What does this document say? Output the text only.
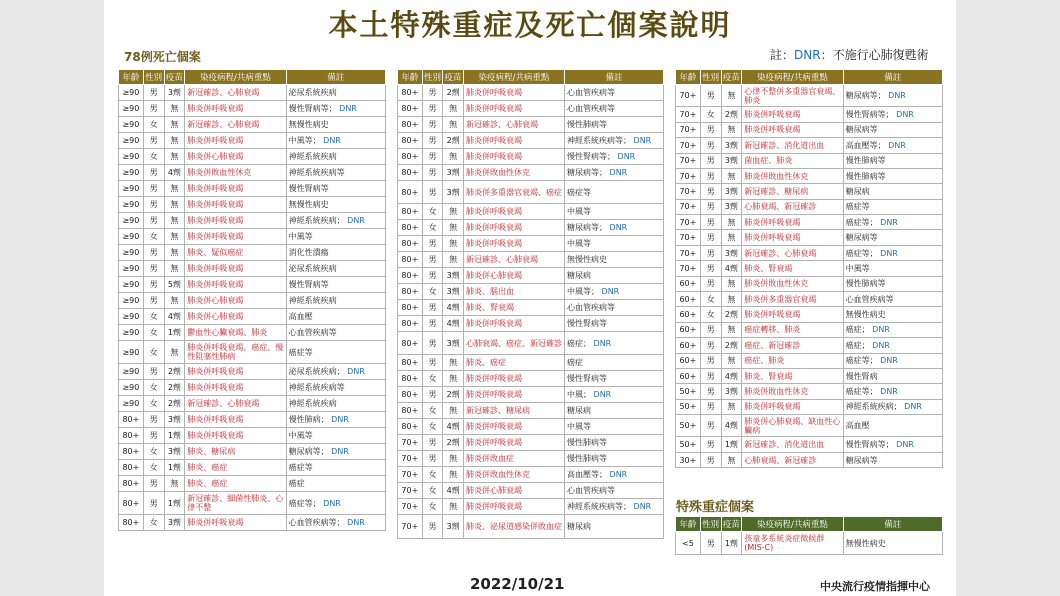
本土特殊重症及死亡個案說明
78例死亡個案	註：DNR：不施行心肺復甦術
年齡	性別	疫苗	染疫病程/共病重點	備註
≥90	男	3劑	新冠確診、心肺衰竭	泌尿系統疾病
≥90	男	無	肺炎併呼吸衰竭	慢性腎病等； DNR
≥90	女	無	新冠確診、心肺衰竭	無慢性病史
≥90	男	無	肺炎併呼吸衰竭	中風等； DNR
≥90	女	無	肺炎併心肺衰竭	神經系統疾病
≥90	男	4劑	肺炎併敗血性休克	神經系統疾病等
≥90	男	無	肺炎併呼吸衰竭	慢性腎病等
≥90	男	無	肺炎併呼吸衰竭	無慢性病史
≥90	男	無	肺炎併呼吸衰竭	神經系統疾病； DNR
≥90	女	無	肺炎併呼吸衰竭	中風等
≥90	男	無	肺炎、疑似癌症	消化性潰瘍
≥90	男	無	肺炎併呼吸衰竭	泌尿系統疾病
≥90	男	5劑	肺炎併呼吸衰竭	慢性腎病等
≥90	男	無	肺炎併心肺衰竭	神經系統疾病
≥90	女	4劑	肺炎併心肺衰竭	高血壓
≥90	女	1劑	鬱血性心臟衰竭、肺炎	心血管疾病等
≥90	女	無	肺炎併呼吸衰竭、癌症、慢性阻塞性肺病	癌症等
≥90	男	2劑	肺炎併呼吸衰竭	泌尿系統疾病； DNR
≥90	女	2劑	肺炎併呼吸衰竭	神經系統疾病等
≥90	女	2劑	新冠確診、心肺衰竭	神經系統疾病
80+	男	3劑	肺炎併呼吸衰竭	慢性肺病； DNR
80+	男	1劑	肺炎併呼吸衰竭	中風等
80+	女	3劑	肺炎、糖尿病	糖尿病等； DNR
80+	女	1劑	肺炎、癌症	癌症等
80+	男	無	肺炎、癌症	癌症
80+	男	1劑	新冠確診、細菌性肺炎、心律不整	癌症等； DNR
80+	女	3劑	肺炎併呼吸衰竭	心血管疾病等； DNR
年齡	性別	疫苗	染疫病程/共病重點	備註
80+	男	2劑	肺炎併呼吸衰竭	心血管疾病等
80+	男	無	肺炎併呼吸衰竭	心血管疾病等
80+	男	無	新冠確診、心肺衰竭	慢性肺病等
80+	男	2劑	肺炎併呼吸衰竭	神經系統疾病等； DNR
80+	男	無	肺炎併呼吸衰竭	慢性腎病等； DNR
80+	男	3劑	肺炎併敗血性休克	糖尿病等； DNR
80+	男	3劑	肺炎併多重器官衰竭、癌症	癌症等
80+	女	無	肺炎併呼吸衰竭	中風等
80+	女	無	肺炎併呼吸衰竭	糖尿病等； DNR
80+	男	無	肺炎併呼吸衰竭	中風等
80+	男	無	新冠確診、心肺衰竭	無慢性病史
80+	男	3劑	肺炎併心肺衰竭	糖尿病
80+	女	3劑	肺炎、腦出血	中風等； DNR
80+	男	4劑	肺炎、腎衰竭	心血管疾病等
80+	男	4劑	肺炎併呼吸衰竭	慢性腎病等
80+	男	3劑	心肺衰竭、癌症、新冠確診	癌症； DNR
80+	男	無	肺炎、癌症	癌症
80+	女	無	肺炎併呼吸衰竭	慢性腎病等
80+	男	2劑	肺炎併呼吸衰竭	中風； DNR
80+	女	無	新冠確診、糖尿病	糖尿病
80+	女	4劑	肺炎併呼吸衰竭	中風等
70+	男	2劑	肺炎併呼吸衰竭	慢性肺病等
70+	男	無	肺炎併敗血症	慢性肺病等
70+	女	無	肺炎併敗血性休克	高血壓等； DNR
70+	女	4劑	肺炎併心肺衰竭	心血管疾病等
70+	女	無	肺炎併呼吸衰竭	神經系統疾病等； DNR
70+	男	3劑	肺炎、泌尿道感染併敗血症	糖尿病
年齡	性別	疫苗	染疫病程/共病重點	備註
70+	男	無	心律不整併多重器官衰竭、肺炎	糖尿病等； DNR
70+	女	2劑	肺炎併呼吸衰竭	慢性腎病等； DNR
70+	男	無	肺炎併呼吸衰竭	糖尿病等
70+	男	3劑	新冠確診、消化道出血	高血壓等； DNR
70+	男	3劑	菌血症、肺炎	慢性肺病等
70+	男	無	肺炎併敗血性休克	慢性肺病等
70+	男	3劑	新冠確診、糖尿病	糖尿病
70+	男	3劑	心肺衰竭、新冠確診	癌症等
70+	男	無	肺炎併呼吸衰竭	癌症等； DNR
70+	男	無	肺炎併呼吸衰竭	糖尿病等
70+	男	3劑	新冠確診、心肺衰竭	癌症等； DNR
70+	男	4劑	肺炎、腎衰竭	中風等
60+	男	無	肺炎併敗血性休克	慢性肺病等
60+	女	無	肺炎併多重器官衰竭	心血管疾病等
60+	女	2劑	肺炎併呼吸衰竭	無慢性病史
60+	男	無	癌症轉移、肺炎	癌症； DNR
60+	男	2劑	癌症、新冠確診	癌症； DNR
60+	男	無	癌症、肺炎	癌症等； DNR
60+	男	4劑	肺炎、腎衰竭	慢性腎病
50+	男	3劑	肺炎併敗血性休克	癌症等； DNR
50+	男	無	肺炎併呼吸衰竭	神經系統疾病； DNR
50+	男	4劑	肺炎併心肺衰竭、缺血性心臟病	高血壓
50+	男	1劑	新冠確診、消化道出血	慢性腎病等； DNR
30+	男	無	心肺衰竭、新冠確診	糖尿病等
特殊重症個案
年齡	性別	疫苗	染疫病程/共病重點	備註
<5	男	1劑	孩童多系統炎症徵候群(MIS-C)	無慢性病史
2022/10/21	中央流行疫情指揮中心
